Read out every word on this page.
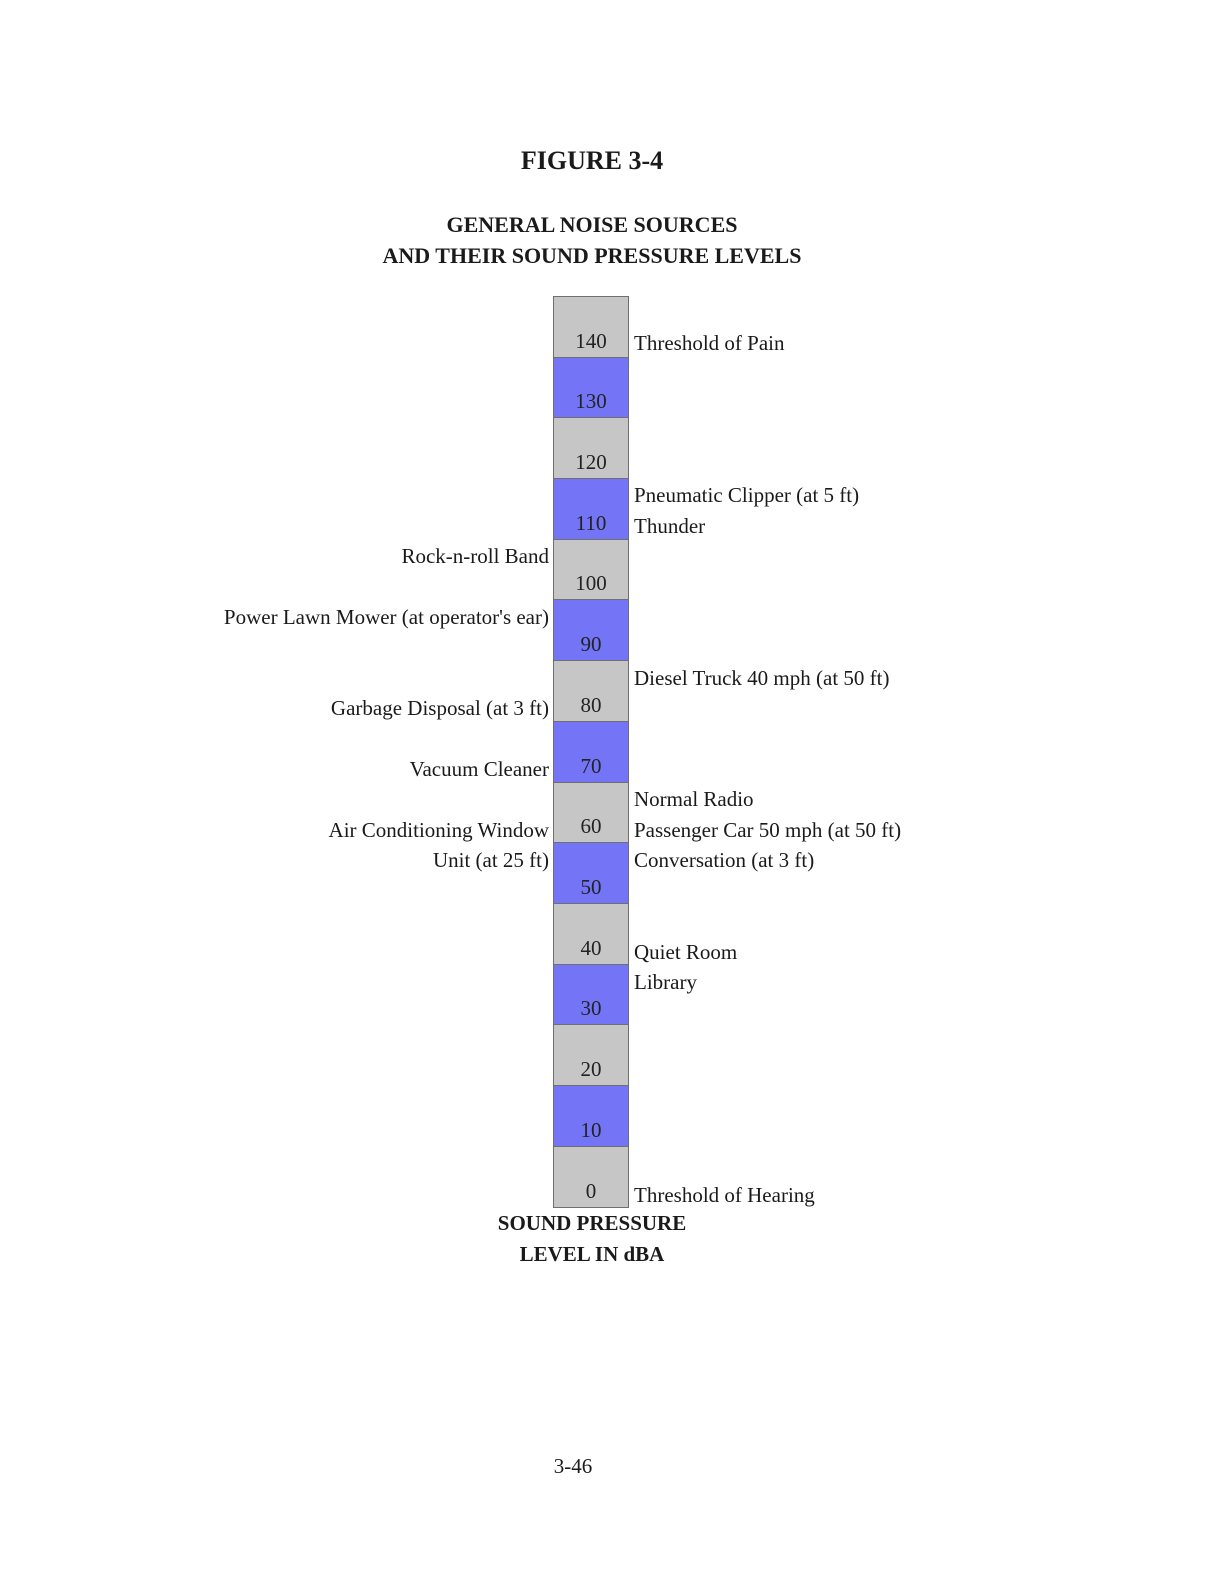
FIGURE 3-4
GENERAL NOISE SOURCES
AND THEIR SOUND PRESSURE LEVELS
140
130
120
110
100
90
80
70
60
50
40
30
20
10
0
Rock-n-roll Band
Power Lawn Mower (at operator's ear)
Garbage Disposal (at 3 ft)
Vacuum Cleaner
Air Conditioning Window
Unit (at 25 ft)
Threshold of Pain
Pneumatic Clipper (at 5 ft)
Thunder
Diesel Truck 40 mph (at 50 ft)
Normal Radio
Passenger Car 50 mph (at 50 ft)
Conversation (at 3 ft)
Quiet Room
Library
Threshold of Hearing
SOUND PRESSURE
LEVEL IN dBA
3-46
